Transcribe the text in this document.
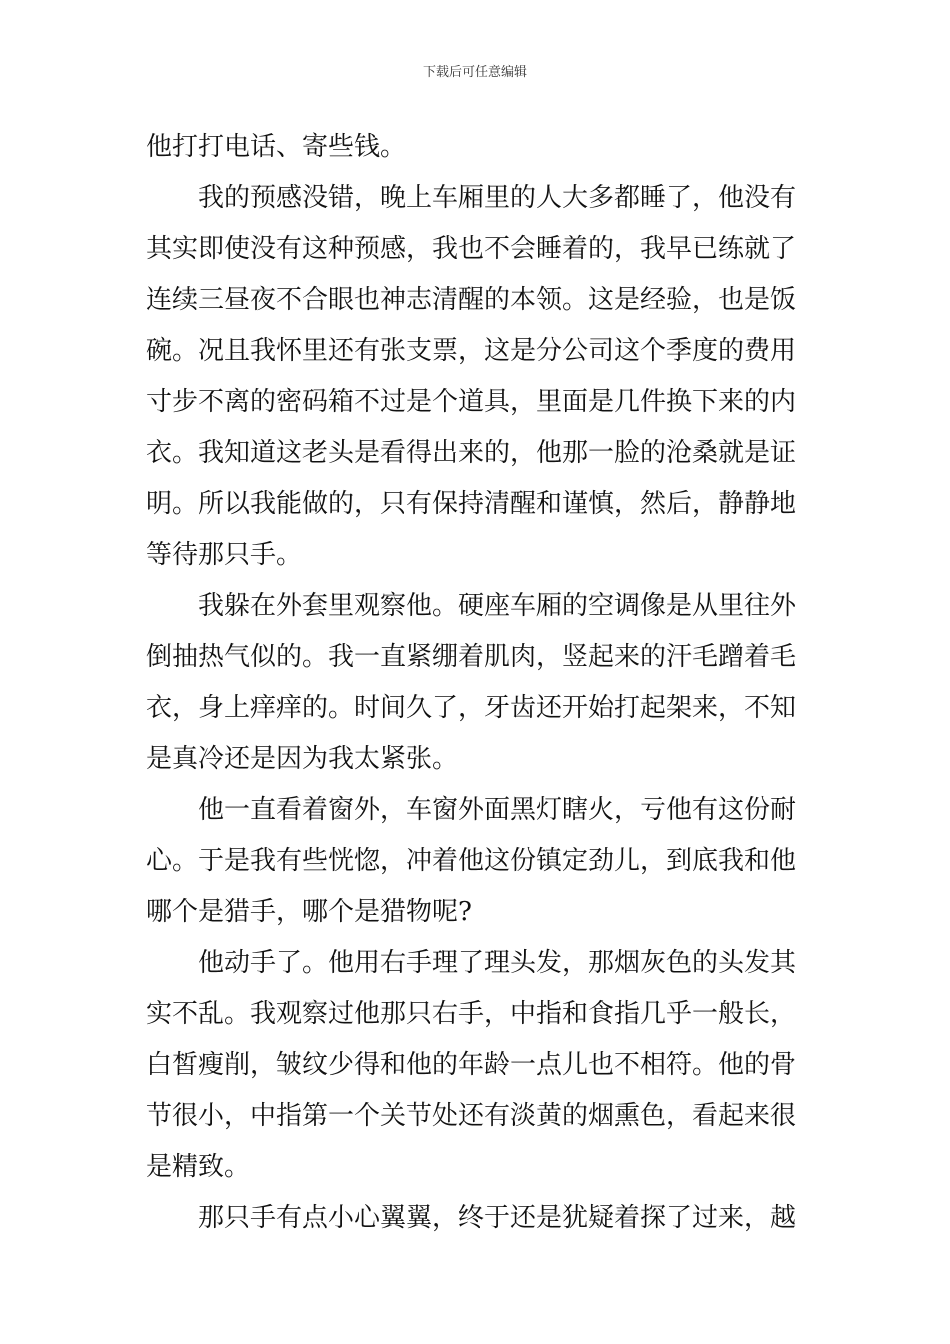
下载后可任意编辑
他打打电话、寄些钱。
我的预感没错，晚上车厢里的人大多都睡了，他没有
其实即使没有这种预感，我也不会睡着的，我早已练就了
连续三昼夜不合眼也神志清醒的本领。这是经验，也是饭
碗。况且我怀里还有张支票，这是分公司这个季度的费用
寸步不离的密码箱不过是个道具，里面是几件换下来的内
衣。我知道这老头是看得出来的，他那一脸的沧桑就是证
明。所以我能做的，只有保持清醒和谨慎，然后，静静地
等待那只手。
我躲在外套里观察他。硬座车厢的空调像是从里往外
倒抽热气似的。我一直紧绷着肌肉，竖起来的汗毛蹭着毛
衣，身上痒痒的。时间久了，牙齿还开始打起架来，不知
是真冷还是因为我太紧张。
他一直看着窗外，车窗外面黑灯瞎火，亏他有这份耐
心。于是我有些恍惚，冲着他这份镇定劲儿，到底我和他
哪个是猎手，哪个是猎物呢?
他动手了。他用右手理了理头发，那烟灰色的头发其
实不乱。我观察过他那只右手，中指和食指几乎一般长，
白皙瘦削，皱纹少得和他的年龄一点儿也不相符。他的骨
节很小，中指第一个关节处还有淡黄的烟熏色，看起来很
是精致。
那只手有点小心翼翼，终于还是犹疑着探了过来，越
